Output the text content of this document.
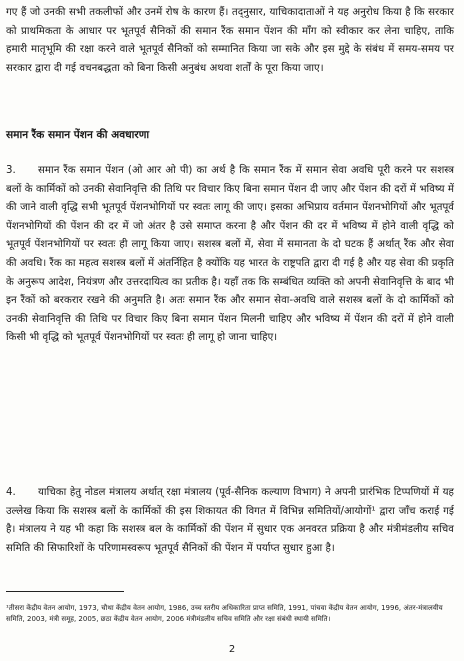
गए हैं जो उनकी सभी तकलीफों और उनमें रोष के कारण हैं। तद्‌नुसार, याचिकादाताओं ने यह अनुरोध किया है कि सरकार को प्राथमिकता के आधार पर भूतपूर्व सैनिकों की समान रैंक समान पेंशन की माँग को स्वीकार कर लेना चाहिए, ताकि हमारी मातृभूमि की रक्षा करने वाले भूतपूर्व सैनिकों को सम्मानित किया जा सके और इस मुद्दे के संबंध में समय-समय पर सरकार द्वारा दी गई वचनबद्धता को बिना किसी अनुबंध अथवा शर्तों के पूरा किया जाए।

समान रैंक समान पेंशन की अवधारणा

3. समान रैंक समान पेंशन (ओ आर ओ पी) का अर्थ है कि समान रैंक में समान सेवा अवधि पूरी करने पर सशस्त्र बलों के कार्मिकों को उनकी सेवानिवृत्ति की तिथि पर विचार किए बिना समान पेंशन दी जाए और पेंशन की दरों में भविष्य में की जाने वाली वृद्धि सभी भूतपूर्व पेंशनभोगियों पर स्वतः लागू की जाए। इसका अभिप्राय वर्तमान पेंशनभोगियों और भूतपूर्व पेंशनभोगियों की पेंशन की दर में जो अंतर है उसे समाप्त करना है और पेंशन की दर में भविष्य में होने वाली वृद्धि को भूतपूर्व पेंशनभोगियों पर स्वतः ही लागू किया जाए। सशस्त्र बलों में, सेवा में समानता के दो घटक हैं अर्थात्‌ रैंक और सेवा की अवधि। रैंक का महत्व सशस्त्र बलों में अंतर्निहित है क्योंकि यह भारत के राष्ट्रपति द्वारा दी गई है और यह सेवा की प्रकृति के अनुरूप आदेश, नियंत्रण और उत्तरदायित्व का प्रतीक है। यहाँ तक कि सम्बंधित व्यक्ति को अपनी सेवानिवृत्ति के बाद भी इन रैंकों को बरकरार रखने की अनुमति है। अतः समान रैंक और समान सेवा-अवधि वाले सशस्त्र बलों के दो कार्मिकों को उनकी सेवानिवृत्ति की तिथि पर विचार किए बिना समान पेंशन मिलनी चाहिए और भविष्य में पेंशन की दरों में होने वाली किसी भी वृद्धि को भूतपूर्व पेंशनभोगियों पर स्वतः ही लागू हो जाना चाहिए।

4. याचिका हेतु नोडल मंत्रालय अर्थात्‌ रक्षा मंत्रालय (पूर्व-सैनिक कल्याण विभाग) ने अपनी प्रारंभिक टिप्पणियों में यह उल्लेख किया कि सशस्त्र बलों के कार्मिकों की इस शिकायत की विगत में विभिन्न समितियों/आयोगों¹ द्वारा जाँच कराई गई है। मंत्रालय ने यह भी कहा कि सशस्त्र बल के कार्मिकों की पेंशन में सुधार एक अनवरत प्रक्रिया है और मंत्रीमंडलीय सचिव समिति की सिफारिशों के परिणामस्वरूप भूतपूर्व सैनिकों की पेंशन में पर्याप्त सुधार हुआ है।

¹तीसरा केंद्रीय वेतन आयोग, 1973, चौथा केंद्रीय वेतन आयोग, 1986, उच्च स्तरीय अधिकारिता प्राप्त समिति, 1991, पांचवा केंद्रीय वेतन आयोग, 1996, अंतर-मंत्रालयीय समिति, 2003, मंत्री समूह, 2005, छठा केंद्रीय वेतन आयोग, 2006 मंत्रीमंडलीय सचिव समिति और रक्षा संबंधी स्थायी समिति।

2
